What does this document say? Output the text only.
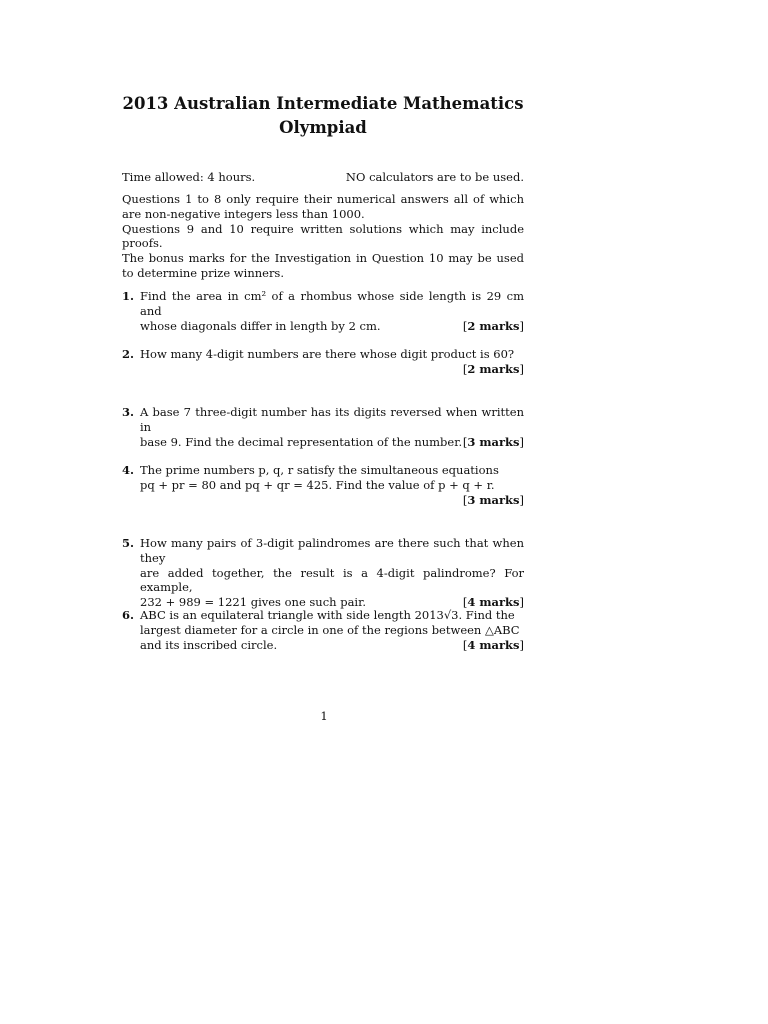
2013 Australian Intermediate Mathematics Olympiad
Time allowed: 4 hours.	NO calculators are to be used.

Questions 1 to 8 only require their numerical answers all of which are non-negative integers less than 1000.

Questions 9 and 10 require written solutions which may include proofs.

The bonus marks for the Investigation in Question 10 may be used to determine prize winners.

1. Find the area in cm² of a rhombus whose side length is 29 cm and
whose diagonals differ in length by 2 cm.	[2 marks]
2. How many 4-digit numbers are there whose digit product is 60?
[2 marks]
3. A base 7 three-digit number has its digits reversed when written in
base 9. Find the decimal representation of the number. [3 marks]
4. The prime numbers p, q, r satisfy the simultaneous equations
pq + pr = 80 and pq + qr = 425. Find the value of p + q + r.
[3 marks]
5. How many pairs of 3-digit palindromes are there such that when they
are added together, the result is a 4-digit palindrome? For example,
232 + 989 = 1221 gives one such pair.	[4 marks]
6. ABC is an equilateral triangle with side length 2013√3. Find the
largest diameter for a circle in one of the regions between △ABC
and its inscribed circle.	[4 marks]
1
